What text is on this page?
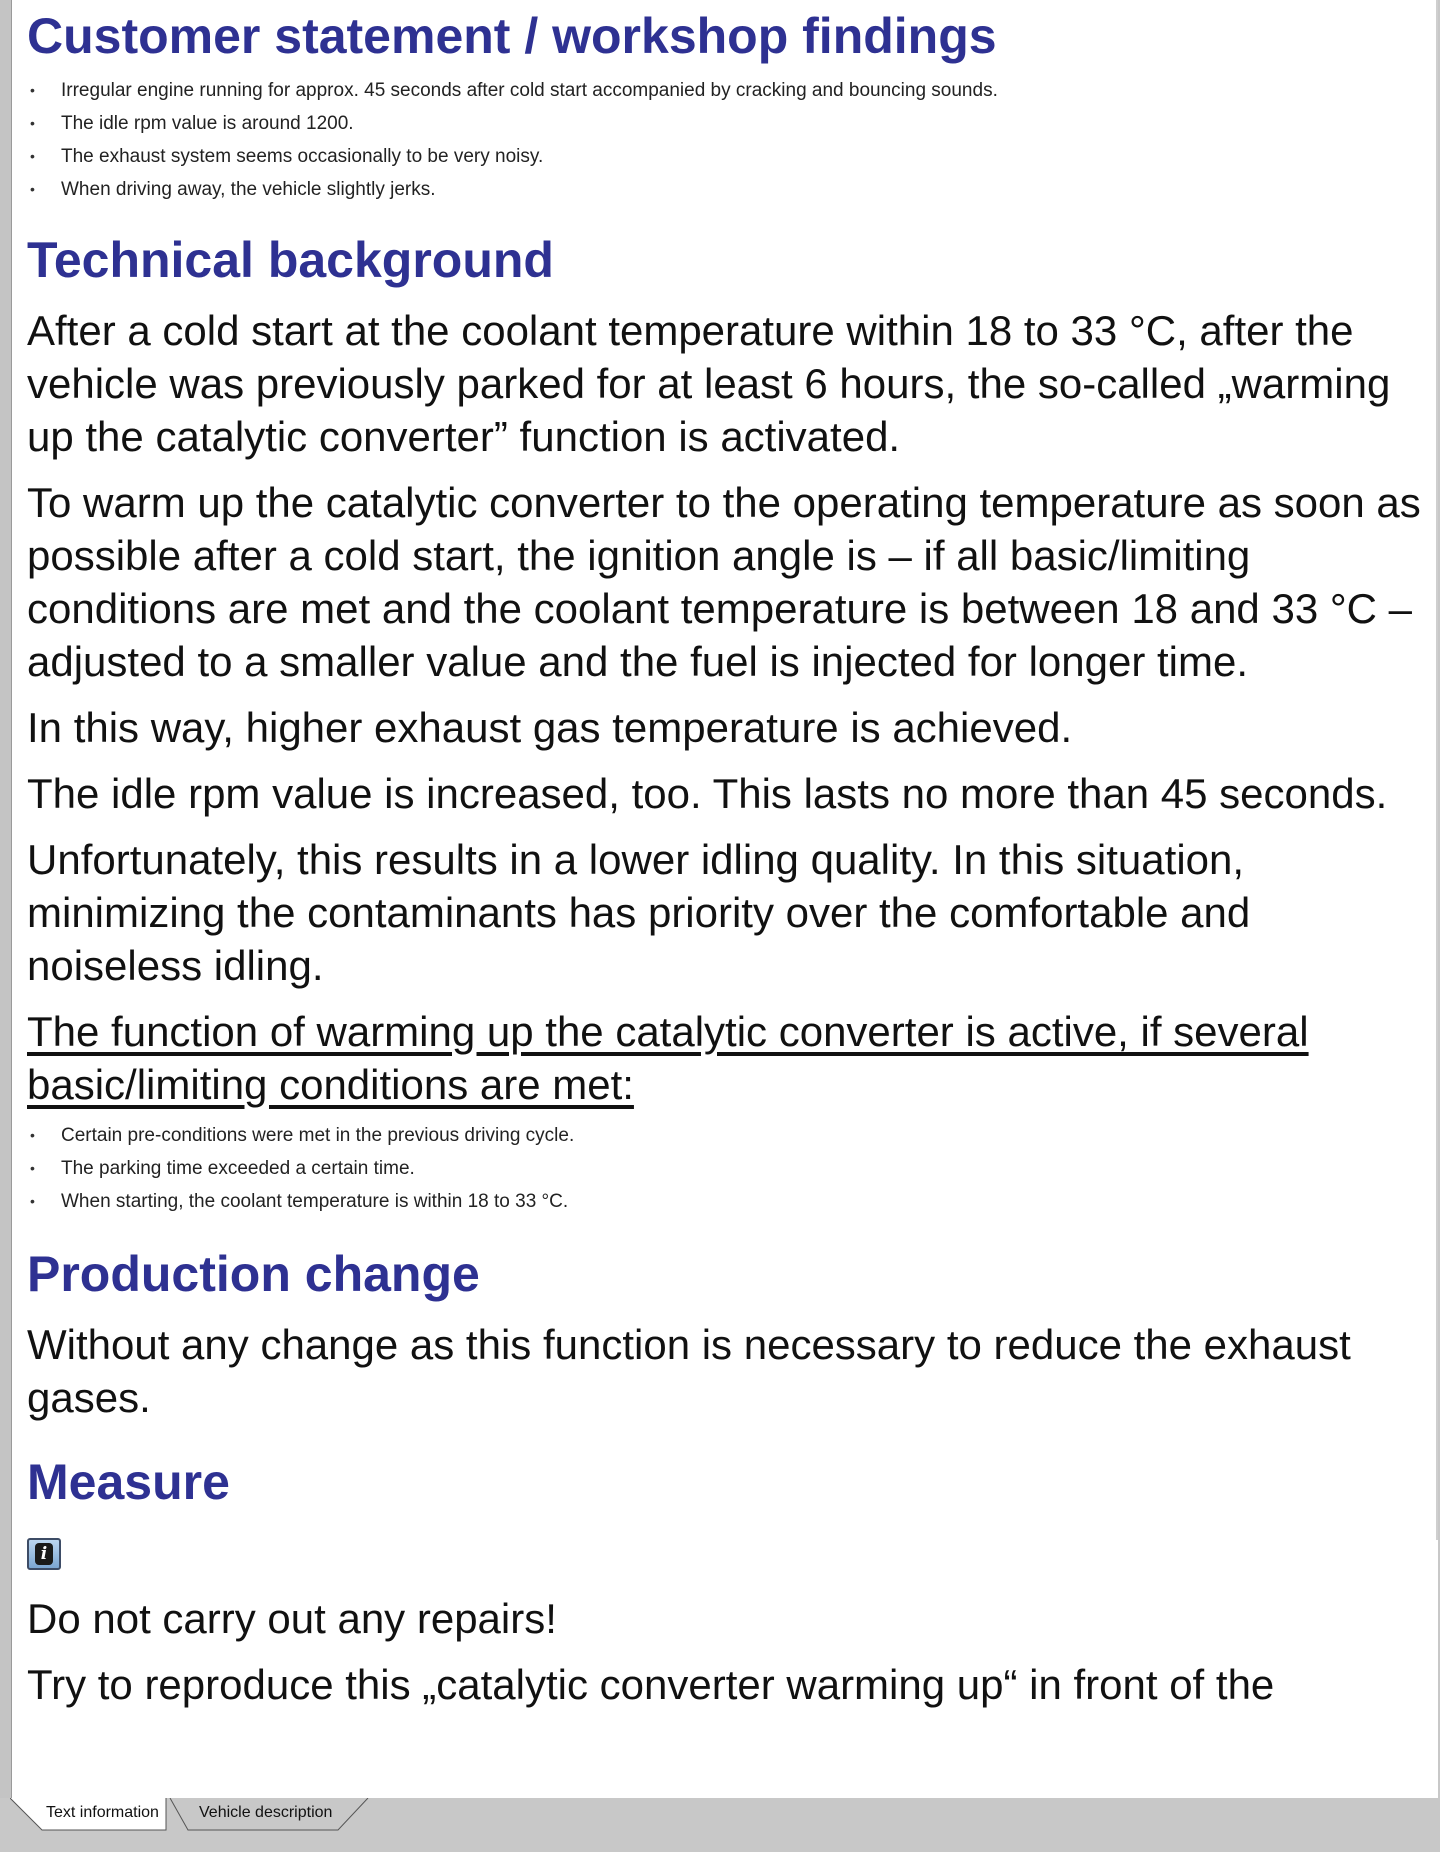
Customer statement / workshop findings
• Irregular engine running for approx. 45 seconds after cold start accompanied by cracking and bouncing sounds.
• The idle rpm value is around 1200.
• The exhaust system seems occasionally to be very noisy.
• When driving away, the vehicle slightly jerks.
Technical background

After a cold start at the coolant temperature within 18 to 33 °C, after the vehicle was previously parked for at least 6 hours, the so-called „warming up the catalytic converter” function is activated.

To warm up the catalytic converter to the operating temperature as soon as possible after a cold start, the ignition angle is – if all basic/limiting conditions are met and the coolant temperature is between 18 and 33 °C – adjusted to a smaller value and the fuel is injected for longer time.

In this way, higher exhaust gas temperature is achieved.

The idle rpm value is increased, too. This lasts no more than 45 seconds.

Unfortunately, this results in a lower idling quality. In this situation, minimizing the contaminants has priority over the comfortable and noiseless idling.

The function of warming up the catalytic converter is active, if several basic/limiting conditions are met:

• Certain pre-conditions were met in the previous driving cycle.
• The parking time exceeded a certain time.
• When starting, the coolant temperature is within 18 to 33 °C.
Production change

Without any change as this function is necessary to reduce the exhaust gases.

Measure
i

Do not carry out any repairs!

Try to reproduce this „catalytic converter warming up“ in front of the

Text information	Vehicle description
